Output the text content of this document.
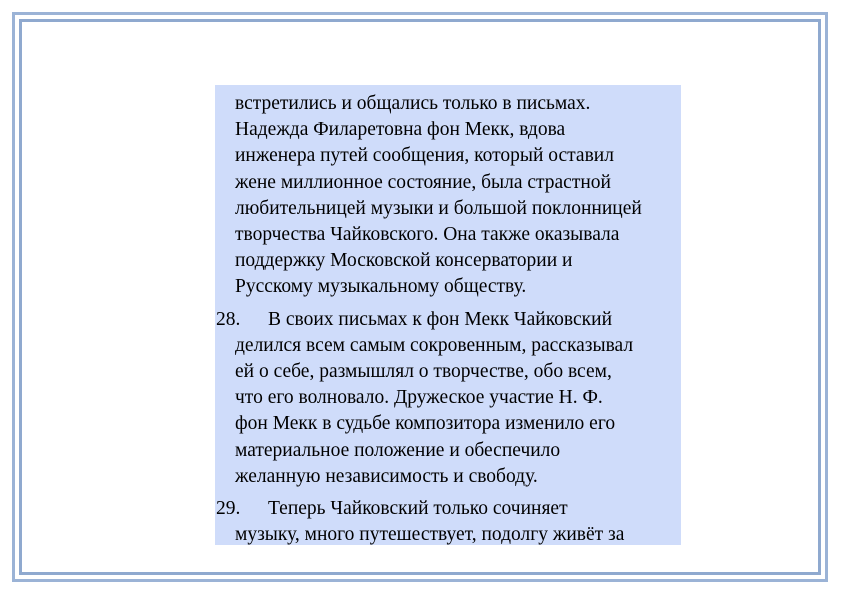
встретились и общались только в письмах.
Надежда Филаретовна фон Мекк, вдова
инженера путей сообщения, который оставил
жене миллионное состояние, была страстной
любительницей музыки и большой поклонницей
творчества Чайковского. Она также оказывала
поддержку Московской консерватории и
Русскому музыкальному обществу.
28.	В своих письмах к фон Мекк Чайковский
делился всем самым сокровенным, рассказывал
ей о себе, размышлял о творчестве, обо всем,
что его волновало. Дружеское участие Н. Ф.
фон Мекк в судьбе композитора изменило его
материальное положение и обеспечило
желанную независимость и свободу.
29.	Теперь Чайковский только сочиняет
музыку, много путешествует, подолгу живёт за
